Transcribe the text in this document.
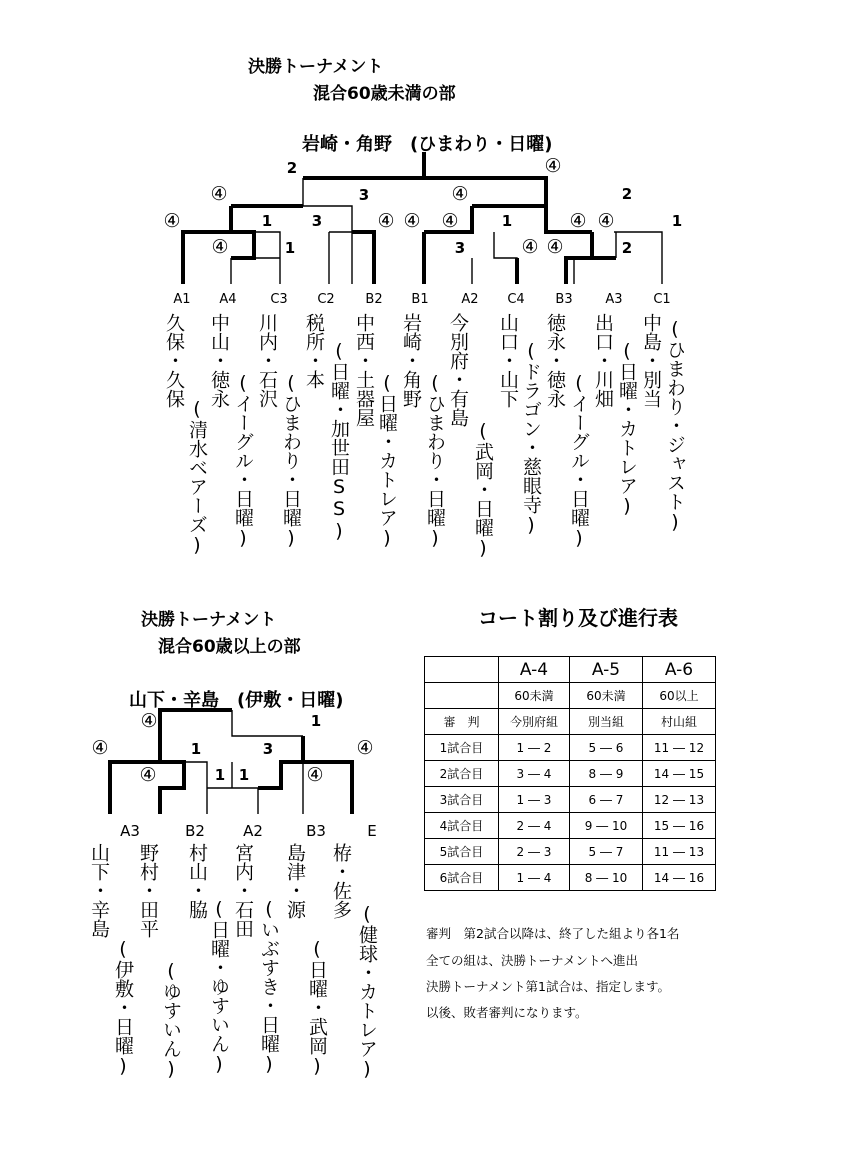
決勝トーナメント
混合60歳未満の部
岩崎・角野　(ひまわり・日曜)
2	④
3	④	2
④
④	1	3	④ ④ ④	1	④
④
1
④
1	3	④ ④	2
A1 A4	C3 C2 B2 B1	A2 C4 B3	A3 C1
久保・久保 中山・徳永
(清水ベアーズ)
川内・石沢
(イーグル・日曜)
税所・本
(ひまわり・日曜)
中西・土器屋
(日曜・加世田SS)	岩崎・角野
(日曜・カトレア)
今別府・有島
(ひまわり・日曜)
山口・山下
(武岡・日曜)
徳永・徳永
(ドラゴン・慈眼寺)	出口・川畑
(イーグル・日曜)
中島・別当
(日曜・カトレア) (ひまわり・ジャスト)
決勝トーナメント
混合60歳以上の部
山下・辛島　(伊敷・日曜)
④	1
④	1	3	④
④	1 1	④
A3	B2	A2	B3	E
山下・辛島 野村・田平
(伊敷・日曜)
村山・脇
(ゆすいん)
宮内・石田
(日曜・ゆすいん)
島津・源
(いぶすき・日曜)
栫・佐多
(日曜・武岡) (健球・カトレア)
コート割り及び進行表
	A-4	A-5	A-6
	60未満	60未満	60以上
審　判	今別府組	別当組	村山組
1試合目	1 ― 2	5 ― 6	11 ― 12
2試合目	3 ― 4	8 ― 9	14 ― 15
3試合目	1 ― 3	6 ― 7	12 ― 13
4試合目	2 ― 4	9 ― 10	15 ― 16
5試合目	2 ― 3	5 ― 7	11 ― 13
6試合目	1 ― 4	8 ― 10	14 ― 16
審判　第2試合以降は、終了した組より各1名
全ての組は、決勝トーナメントへ進出
決勝トーナメント第1試合は、指定します。
以後、敗者審判になります。
